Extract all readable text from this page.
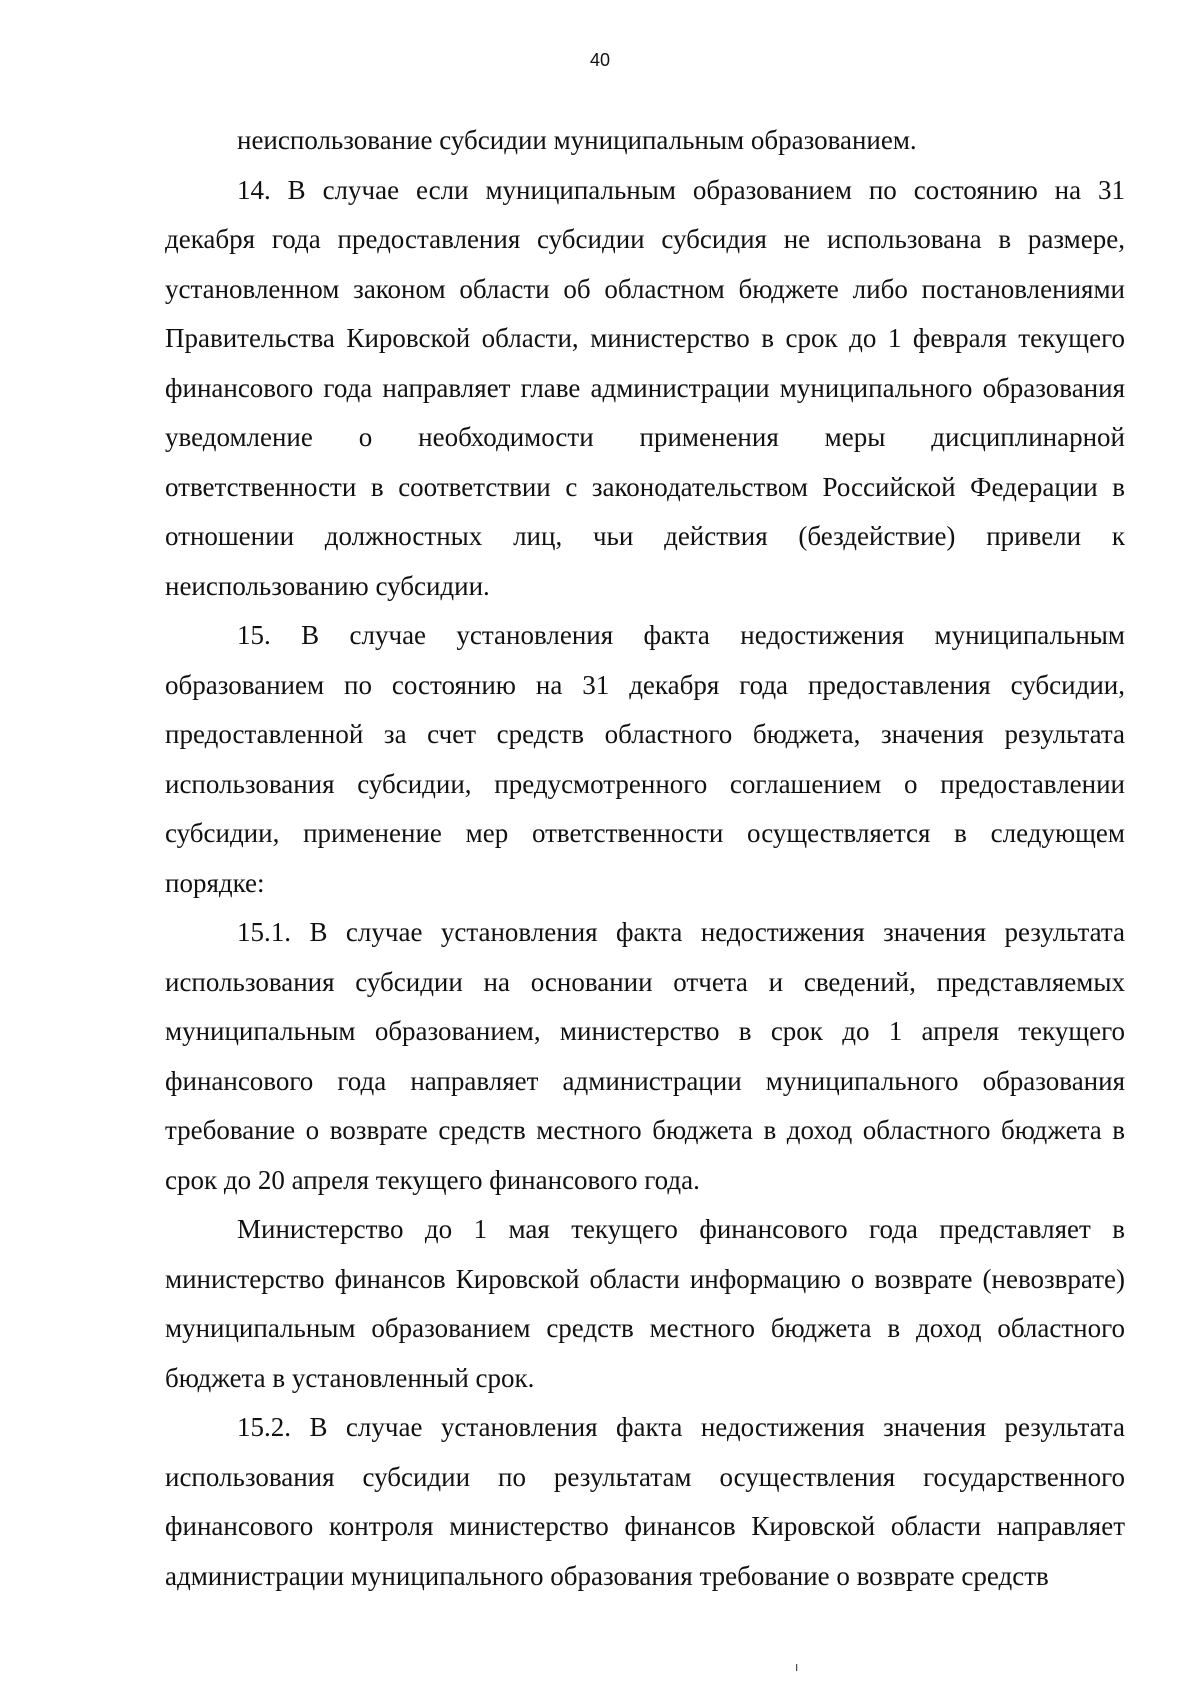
40

неиспользование субсидии муниципальным образованием.

14. В случае если муниципальным образованием по состоянию на 31 декабря года предоставления субсидии субсидия не использована в размере, установленном законом области об областном бюджете либо постановлениями Правительства Кировской области, министерство в срок до 1 февраля текущего финансового года направляет главе администрации муниципального образования уведомление о необходимости применения меры дисциплинарной ответственности в соответствии с законодательством Российской Федерации в отношении должностных лиц, чьи действия (бездействие) привели к неиспользованию субсидии.

15. В случае установления факта недостижения муниципальным образованием по состоянию на 31 декабря года предоставления субсидии, предоставленной за счет средств областного бюджета, значения результата использования субсидии, предусмотренного соглашением о предоставлении субсидии, применение мер ответственности осуществляется в следующем порядке:

15.1. В случае установления факта недостижения значения результата использования субсидии на основании отчета и сведений, представляемых муниципальным образованием, министерство в срок до 1 апреля текущего финансового года направляет администрации муниципального образования требование о возврате средств местного бюджета в доход областного бюджета в срок до 20 апреля текущего финансового года.

Министерство до 1 мая текущего финансового года представляет в министерство финансов Кировской области информацию о возврате (невозврате) муниципальным образованием средств местного бюджета в доход областного бюджета в установленный срок.

15.2. В случае установления факта недостижения значения результата использования субсидии по результатам осуществления государственного финансового контроля министерство финансов Кировской области направляет администрации муниципального образования требование о возврате средств

ı
